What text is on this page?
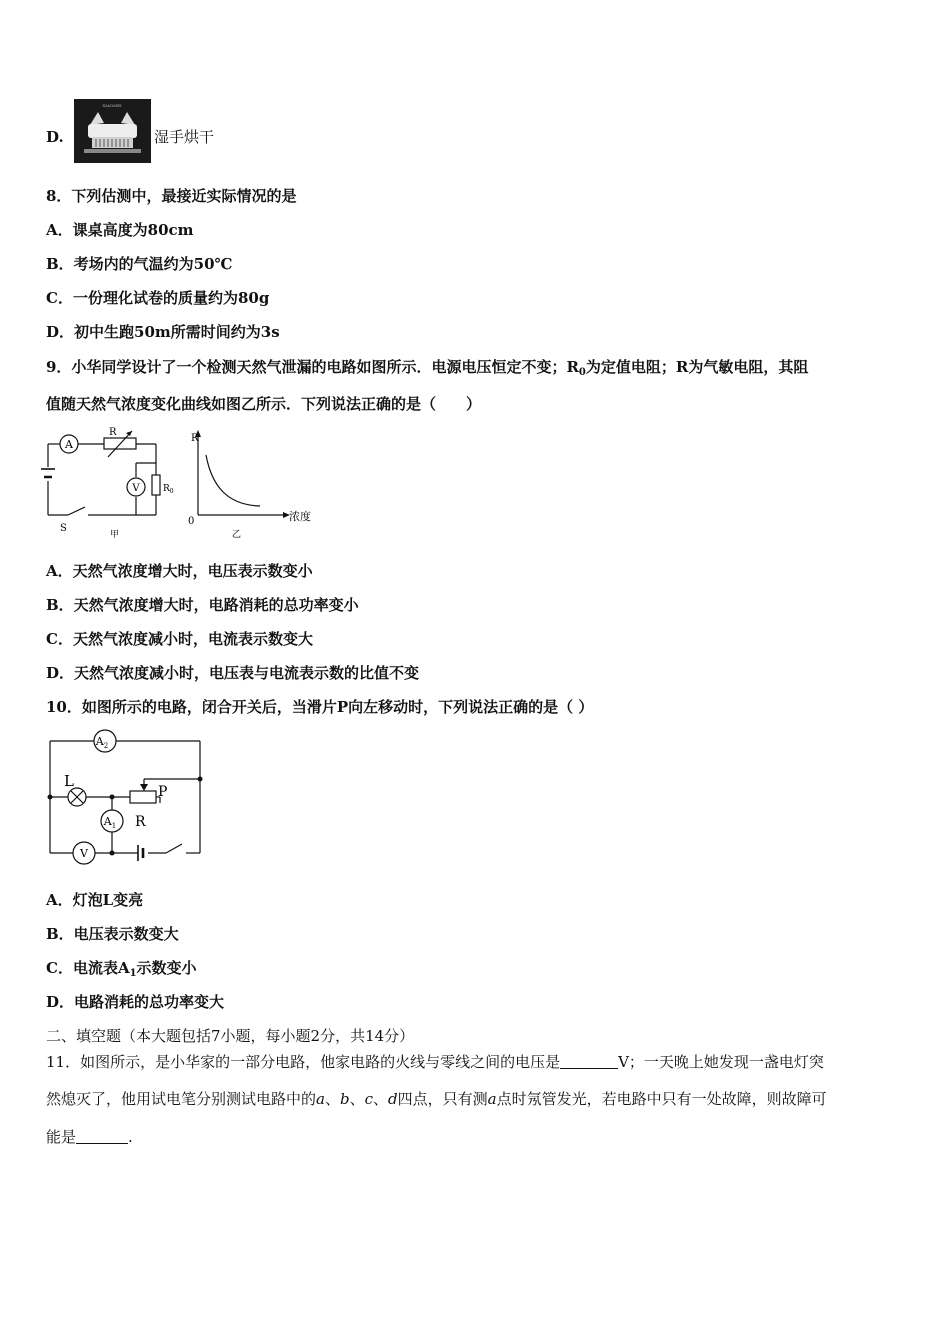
D.
XIAOMEI
湿手烘干
8．下列估测中，最接近实际情况的是
A．课桌高度为80cm
B．考场内的气温约为50℃
C．一份理化试卷的质量约为80g
D．初中生跑50m所需时间约为3s
9．小华同学设计了一个检测天然气泄漏的电路如图所示．电源电压恒定不变；$R_0$为定值电阻；R为气敏电阻，其阻
值随天然气浓度变化曲线如图乙所示．下列说法正确的是（　　）
A
V
R
$R_0$
S
甲
R
0	浓度
乙
A．天然气浓度增大时，电压表示数变小
B．天然气浓度增大时，电路消耗的总功率变小
C．天然气浓度减小时，电流表示数变大
D．天然气浓度减小时，电压表与电流表示数的比值不变
10．如图所示的电路，闭合开关后，当滑片P向左移动时，下列说法正确的是（ ）
$A_2$
$A_1$
V
L
P
R
A．灯泡L变亮
B．电压表示数变大
C．电流表$A_1$示数变小
D．电路消耗的总功率变大
二、填空题（本大题包括7小题，每小题2分，共14分）
11．如图所示，是小华家的一部分电路，他家电路的火线与零线之间的电压是	V；一天晚上她发现一盏电灯突
然熄灭了，他用试电笔分别测试电路中的a、b、c、d四点，只有测a点时氖管发光，若电路中只有一处故障，则故障可
能是	.
